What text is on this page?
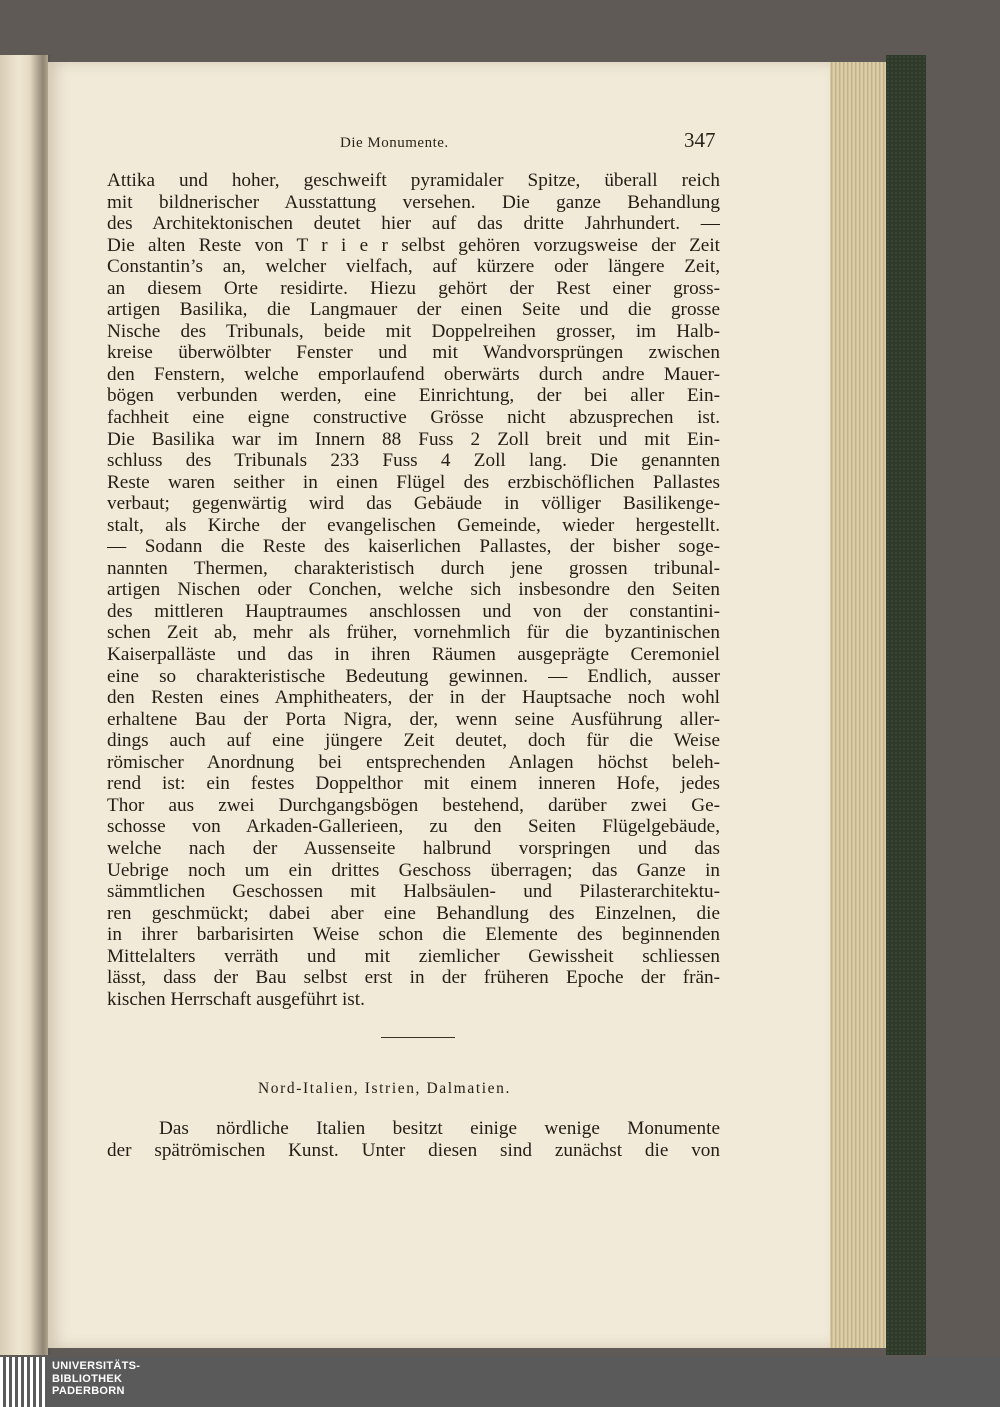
Die Monumente.	347
Attika und hoher, geschweift pyramidaler Spitze, überall reich
mit bildnerischer Ausstattung versehen. Die ganze Behandlung
des Architektonischen deutet hier auf das dritte Jahrhundert. —
Die alten Reste von T r i e r selbst gehören vorzugsweise der Zeit
Constantin’s an, welcher vielfach, auf kürzere oder längere Zeit,
an diesem Orte residirte. Hiezu gehört der Rest einer gross-
artigen Basilika, die Langmauer der einen Seite und die grosse
Nische des Tribunals, beide mit Doppelreihen grosser, im Halb-
kreise überwölbter Fenster und mit Wandvorsprüngen zwischen
den Fenstern, welche emporlaufend oberwärts durch andre Mauer-
bögen verbunden werden, eine Einrichtung, der bei aller Ein-
fachheit eine eigne constructive Grösse nicht abzusprechen ist.
Die Basilika war im Innern 88 Fuss 2 Zoll breit und mit Ein-
schluss des Tribunals 233 Fuss 4 Zoll lang. Die genannten
Reste waren seither in einen Flügel des erzbischöflichen Pallastes
verbaut; gegenwärtig wird das Gebäude in völliger Basilikenge-
stalt, als Kirche der evangelischen Gemeinde, wieder hergestellt.
— Sodann die Reste des kaiserlichen Pallastes, der bisher soge-
nannten Thermen, charakteristisch durch jene grossen tribunal-
artigen Nischen oder Conchen, welche sich insbesondre den Seiten
des mittleren Hauptraumes anschlossen und von der constantini-
schen Zeit ab, mehr als früher, vornehmlich für die byzantinischen
Kaiserpalläste und das in ihren Räumen ausgeprägte Ceremoniel
eine so charakteristische Bedeutung gewinnen. — Endlich, ausser
den Resten eines Amphitheaters, der in der Hauptsache noch wohl
erhaltene Bau der Porta Nigra, der, wenn seine Ausführung aller-
dings auch auf eine jüngere Zeit deutet, doch für die Weise
römischer Anordnung bei entsprechenden Anlagen höchst beleh-
rend ist: ein festes Doppelthor mit einem inneren Hofe, jedes
Thor aus zwei Durchgangsbögen bestehend, darüber zwei Ge-
schosse von Arkaden-Gallerieen, zu den Seiten Flügelgebäude,
welche nach der Aussenseite halbrund vorspringen und das
Uebrige noch um ein drittes Geschoss überragen; das Ganze in
sämmtlichen Geschossen mit Halbsäulen- und Pilasterarchitektu-
ren geschmückt; dabei aber eine Behandlung des Einzelnen, die
in ihrer barbarisirten Weise schon die Elemente des beginnenden
Mittelalters verräth und mit ziemlicher Gewissheit schliessen
lässt, dass der Bau selbst erst in der früheren Epoche der frän-
kischen Herrschaft ausgeführt ist.
Nord-Italien, Istrien, Dalmatien.
Das nördliche Italien besitzt einige wenige Monumente
der spätrömischen Kunst. Unter diesen sind zunächst die von
UNIVERSITÄTS-
BIBLIOTHEK
PADERBORN
